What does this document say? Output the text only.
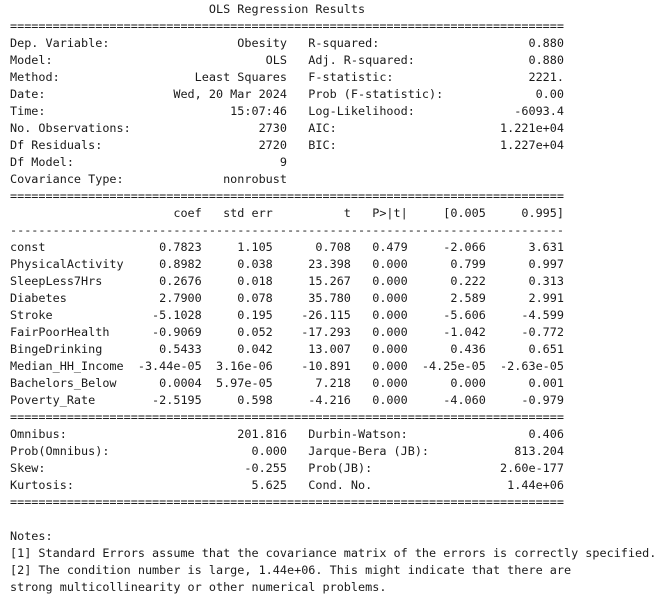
OLS Regression Results
==============================================================================
Dep. Variable:                  Obesity   R-squared:                     0.880
Model:                              OLS   Adj. R-squared:                0.880
Method:                   Least Squares   F-statistic:                   2221.
Date:                  Wed, 20 Mar 2024   Prob (F-statistic):             0.00
Time:                          15:07:46   Log-Likelihood:              -6093.4
No. Observations:                  2730   AIC:                       1.221e+04
Df Residuals:                      2720   BIC:                       1.227e+04
Df Model:                             9
Covariance Type:              nonrobust
==============================================================================
coef   std err          t   P>|t|     [0.005     0.995]
------------------------------------------------------------------------------
const                0.7823     1.105      0.708   0.479     -2.066      3.631
PhysicalActivity     0.8982     0.038     23.398   0.000      0.799      0.997
SleepLess7Hrs        0.2676     0.018     15.267   0.000      0.222      0.313
Diabetes             2.7900     0.078     35.780   0.000      2.589      2.991
Stroke              -5.1028     0.195    -26.115   0.000     -5.606     -4.599
FairPoorHealth      -0.9069     0.052    -17.293   0.000     -1.042     -0.772
BingeDrinking        0.5433     0.042     13.007   0.000      0.436      0.651
Median_HH_Income  -3.44e-05  3.16e-06    -10.891   0.000  -4.25e-05  -2.63e-05
Bachelors_Below      0.0004  5.97e-05      7.218   0.000      0.000      0.001
Poverty_Rate        -2.5195     0.598     -4.216   0.000     -4.060     -0.979
==============================================================================
Omnibus:                        201.816   Durbin-Watson:                 0.406
Prob(Omnibus):                    0.000   Jarque-Bera (JB):            813.204
Skew:                            -0.255   Prob(JB):                  2.60e-177
Kurtosis:                         5.625   Cond. No.                   1.44e+06
==============================================================================
Notes:
[1] Standard Errors assume that the covariance matrix of the errors is correctly specified.
[2] The condition number is large, 1.44e+06. This might indicate that there are
strong multicollinearity or other numerical problems.
